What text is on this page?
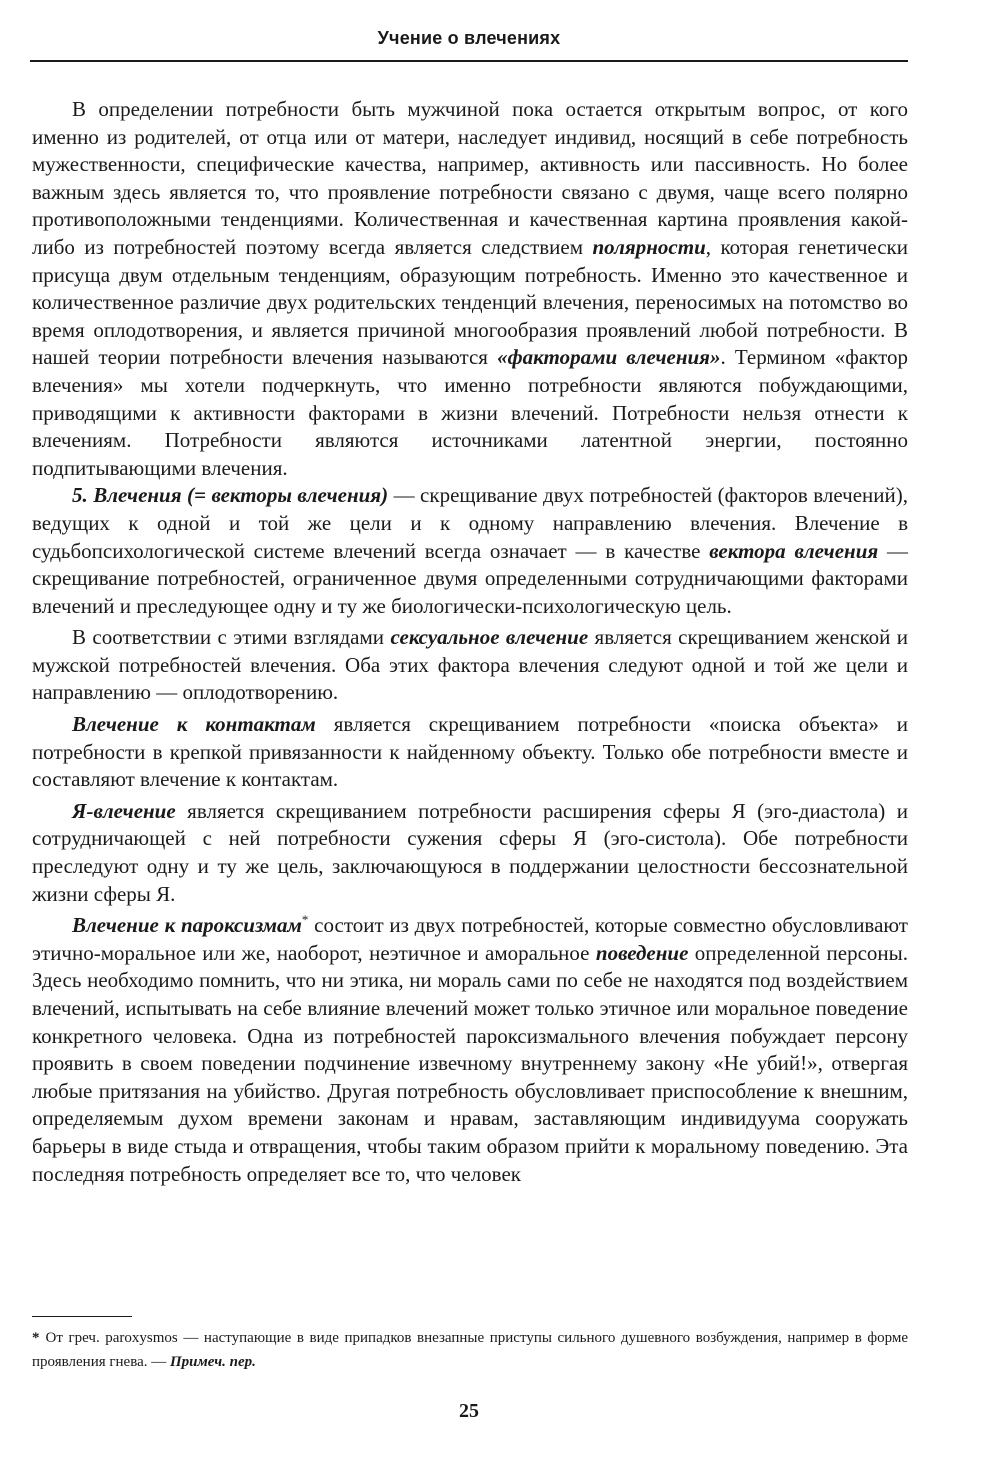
Учение о влечениях

В определении потребности быть мужчиной пока остается открытым вопрос, от кого именно из родителей, от отца или от матери, наследует индивид, носящий в себе потребность мужественности, специфические качества, например, активность или пассивность. Но более важным здесь является то, что проявление потребности связано с двумя, чаще всего полярно противоположными тенденциями. Количественная и качественная картина проявления какой-либо из потребностей поэтому всегда является следствием полярности, которая генетически присуща двум отдельным тенденциям, образующим потребность. Именно это качественное и количественное различие двух родительских тенденций влечения, переносимых на потомство во время оплодотворения, и является причиной многообразия проявлений любой потребности. В нашей теории потребности влечения называются «факторами влечения». Термином «фактор влечения» мы хотели подчеркнуть, что именно потребности являются побуждающими, приводящими к активности факторами в жизни влечений. Потребности нельзя отнести к влечениям. Потребности являются источниками латентной энергии, постоянно подпитывающими влечения.

5. Влечения (= векторы влечения) — скрещивание двух потребностей (факторов влечений), ведущих к одной и той же цели и к одному направлению влечения. Влечение в судьбопсихологической системе влечений всегда означает — в качестве вектора влечения — скрещивание потребностей, ограниченное двумя определенными сотрудничающими факторами влечений и преследующее одну и ту же биологически-психологическую цель.

В соответствии с этими взглядами сексуальное влечение является скрещиванием женской и мужской потребностей влечения. Оба этих фактора влечения следуют одной и той же цели и направлению — оплодотворению.

Влечение к контактам является скрещиванием потребности «поиска объекта» и потребности в крепкой привязанности к найденному объекту. Только обе потребности вместе и составляют влечение к контактам.

Я-влечение является скрещиванием потребности расширения сферы Я (эго-диастола) и сотрудничающей с ней потребности сужения сферы Я (эго-систола). Обе потребности преследуют одну и ту же цель, заключающуюся в поддержании целостности бессознательной жизни сферы Я.

Влечение к пароксизмам* состоит из двух потребностей, которые совместно обусловливают этично-моральное или же, наоборот, неэтичное и аморальное поведение определенной персоны. Здесь необходимо помнить, что ни этика, ни мораль сами по себе не находятся под воздействием влечений, испытывать на себе влияние влечений может только этичное или моральное поведение конкретного человека. Одна из потребностей пароксизмального влечения побуждает персону проявить в своем поведении подчинение извечному внутреннему закону «Не убий!», отвергая любые притязания на убийство. Другая потребность обусловливает приспособление к внешним, определяемым духом времени законам и нравам, заставляющим индивидуума сооружать барьеры в виде стыда и отвращения, чтобы таким образом прийти к моральному поведению. Эта последняя потребность определяет все то, что человек

* От греч. paroxysmos — наступающие в виде припадков внезапные приступы сильного душевного возбуждения, например в форме проявления гнева. — Примеч. пер.

25
